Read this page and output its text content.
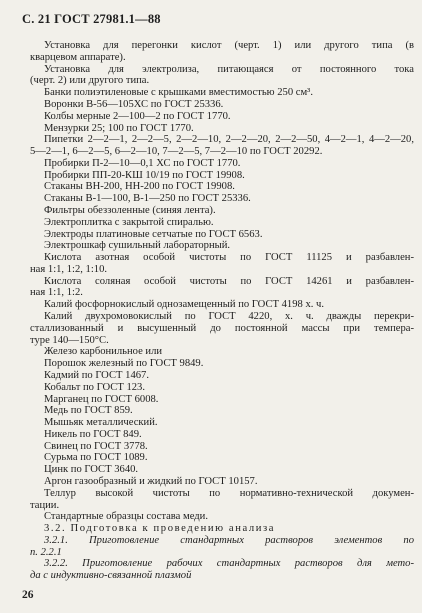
С. 21 ГОСТ 27981.1—88
Установка для перегонки кислот (черт. 1) или другого типа (в
кварцевом аппарате).
Установка для электролиза, питающаяся от постоянного тока
(черт. 2) или другого типа.
Банки полиэтиленовые с крышками вместимостью 250 см³.
Воронки В-56—105ХС по ГОСТ 25336.
Колбы мерные 2—100—2 по ГОСТ 1770.
Мензурки 25; 100 по ГОСТ 1770.
Пипетки 2—2—1, 2—2—5, 2—2—10, 2—2—20, 2—2—50, 4—2—1, 4—2—20,
5—2—1, 6—2—5, 6—2—10, 7—2—5, 7—2—10 по ГОСТ 20292.
Пробирки П-2—10—0,1 ХС по ГОСТ 1770.
Пробирки ПП-20-КШ 10/19 по ГОСТ 19908.
Стаканы ВН-200, НН-200 по ГОСТ 19908.
Стаканы В-1—100, В-1—250 по ГОСТ 25336.
Фильтры обеззоленные (синяя лента).
Электроплитка с закрытой спиралью.
Электроды платиновые сетчатые по ГОСТ 6563.
Электрошкаф сушильный лабораторный.
Кислота азотная особой чистоты по ГОСТ 11125 и разбавлен-
ная 1:1, 1:2, 1:10.
Кислота соляная особой чистоты по ГОСТ 14261 и разбавлен-
ная 1:1, 1:2.
Калий фосфорнокислый однозамещенный по ГОСТ 4198 х. ч.
Калий двухромовокислый по ГОСТ 4220, х. ч. дважды перекри-
сталлизованный и высушенный до постоянной массы при темпера-
туре 140—150°С.
Железо карбонильное или
Порошок железный по ГОСТ 9849.
Кадмий по ГОСТ 1467.
Кобальт по ГОСТ 123.
Марганец по ГОСТ 6008.
Медь по ГОСТ 859.
Мышьяк металлический.
Никель по ГОСТ 849.
Свинец по ГОСТ 3778.
Сурьма по ГОСТ 1089.
Цинк по ГОСТ 3640.
Аргон газообразный и жидкий по ГОСТ 10157.
Теллур высокой чистоты по нормативно-технической докумен-
тации.
Стандартные образцы состава меди.
3.2. Подготовка к проведению анализа
3.2.1. Приготовление стандартных растворов элементов по
п. 2.2.1
3.2.2. Приготовление рабочих стандартных растворов для мето-
да с индуктивно-связанной плазмой
26
